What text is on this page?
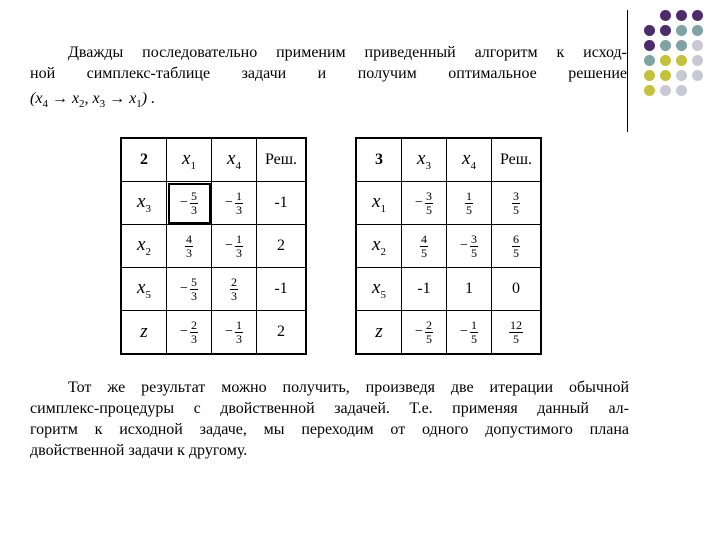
Дважды последовательно применим приведенный алгоритм к исход-
ной симплекс-таблице задачи и получим оптимальное решение
($x_4 \to x_2$, $x_3 \to x_1$) .
2	$x_1$	$x_4$	Реш.
$x_3$	− $\frac{5}{3}$	− $\frac{1}{3}$	-1
$x_2$	$\frac{4}{3}$	− $\frac{1}{3}$	2
$x_5$	− $\frac{5}{3}$	$\frac{2}{3}$	-1
z	− $\frac{2}{3}$	− $\frac{1}{3}$	2
3	$x_3$	$x_4$	Реш.
$x_1$	− $\frac{3}{5}$	$\frac{1}{5}$	$\frac{3}{5}$

$x_2$	$\frac{4}{5}$	− $\frac{3}{5}$	$\frac{6}{5}$

$x_5$	-1	1	0
z	− $\frac{2}{5}$	− $\frac{1}{5}$	$\frac{12}{5}$
Тот же результат можно получить, произведя две итерации обычной
симплекс-процедуры с двойственной задачей. Т.е. применяя данный ал-
горитм к исходной задаче, мы переходим от одного допустимого плана
двойственной задачи к другому.
